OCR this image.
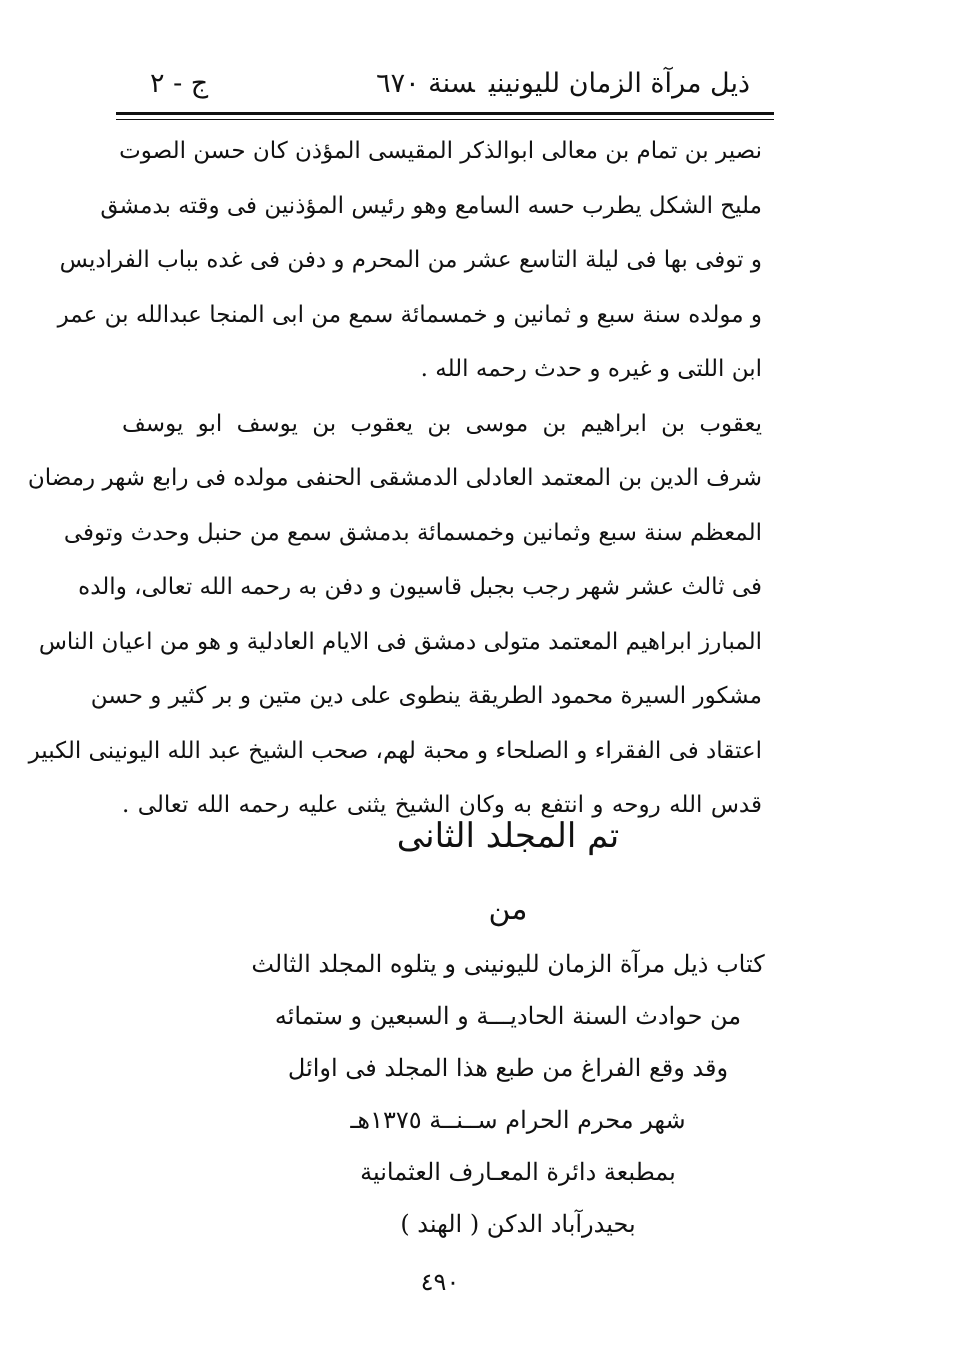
ذيل مرآة الزمان لليونينيسنة ٦٧٠
ج - ٢
نصير بن تمام بن معالى ابوالذكر المقيسى المؤذن كان حسن الصوت
مليح الشكل يطرب حسه السامع وهو رئيس المؤذنين فى وقته بدمشق
و توفى بها فى ليلة التاسع عشر من المحرم و دفن فى غده بباب الفراديس
و مولده سنة سبع و ثمانين و خمسمائة سمع من ابى المنجا عبدالله بن عمر
ابن اللتى و غيره و حدث رحمه الله .
يعقوب بن ابراهيم بن موسى بن يعقوب بن يوسف ابو يوسف
شرف الدين بن المعتمد العادلى الدمشقى الحنفى مولده فى رابع شهر رمضان
المعظم سنة سبع وثمانين وخمسمائة بدمشق سمع من حنبل وحدث وتوفى
فى ثالث عشر شهر رجب بجبل قاسيون و دفن به رحمه الله تعالى، والده
المبارز ابراهيم المعتمد متولى دمشق فى الايام العادلية و هو من اعيان الناس
مشكور السيرة محمود الطريقة ينطوى على دين متين و بر كثير و حسن
اعتقاد فى الفقراء و الصلحاء و محبة لهم، صحب الشيخ عبد الله اليونينى الكبير
قدس الله روحه و انتفع به وكان الشيخ يثنى عليه رحمه الله تعالى .
تم المجلد الثانى
من
كتاب ذيل مرآة الزمان لليونينى و يتلوه المجلد الثالث
من حوادث السنة الحاديـــة و السبعين و ستمائه
وقد وقع الفراغ من طبع هذا المجلد فى اوائل
شهر محرم الحرام ســنــة ١٣٧٥هـ
بمطبعة دائرة المعـارف العثمانية
بحيدرآباد الدكن ( الهند )
٤٩٠
